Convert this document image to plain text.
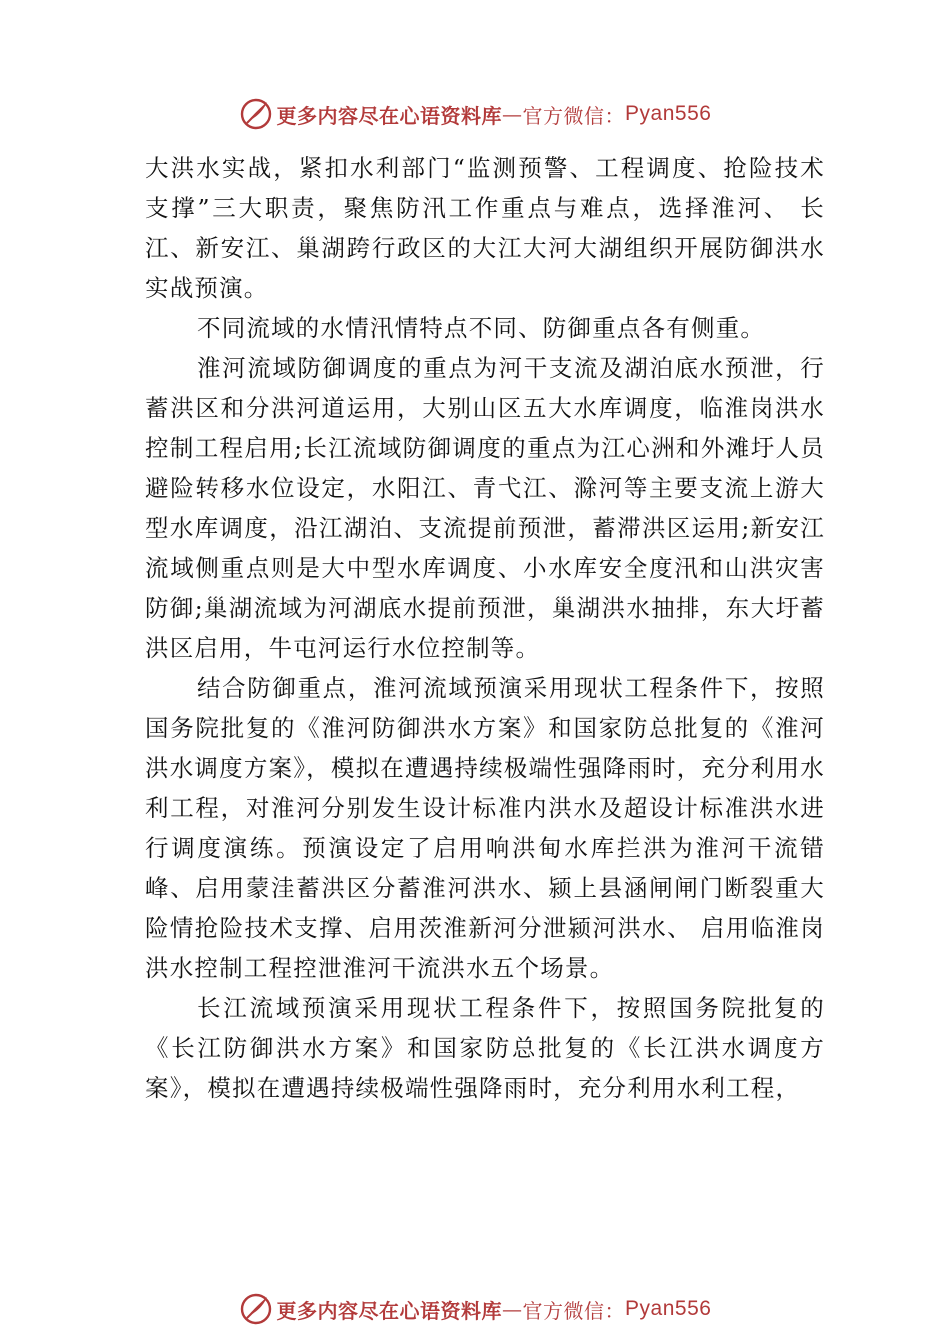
更多内容尽在心语资料库 — 官方微信： Pyan556

大洪水实战，紧扣水利部门“监测预警、工程调度、抢险技术支撑”三大职责，聚焦防汛工作重点与难点，选择淮河、 长江、新安江、巢湖跨行政区的大江大河大湖组织开展防御洪水实战预演。

不同流域的水情汛情特点不同、防御重点各有侧重。

淮河流域防御调度的重点为河干支流及湖泊底水预泄，行蓄洪区和分洪河道运用，大别山区五大水库调度，临淮岗洪水控制工程启用;长江流域防御调度的重点为江心洲和外滩圩人员避险转移水位设定，水阳江、青弋江、滁河等主要支流上游大型水库调度，沿江湖泊、支流提前预泄，蓄滞洪区运用;新安江流域侧重点则是大中型水库调度、小水库安全度汛和山洪灾害防御;巢湖流域为河湖底水提前预泄，巢湖洪水抽排，东大圩蓄洪区启用，牛屯河运行水位控制等。

结合防御重点，淮河流域预演采用现状工程条件下，按照国务院批复的《淮河防御洪水方案》和国家防总批复的《淮河洪水调度方案》，模拟在遭遇持续极端性强降雨时，充分利用水利工程，对淮河分别发生设计标准内洪水及超设计标准洪水进行调度演练。预演设定了启用响洪甸水库拦洪为淮河干流错峰、启用蒙洼蓄洪区分蓄淮河洪水、颍上县涵闸闸门断裂重大险情抢险技术支撑、启用茨淮新河分泄颍河洪水、 启用临淮岗洪水控制工程控泄淮河干流洪水五个场景。

长江流域预演采用现状工程条件下，按照国务院批复的《长江防御洪水方案》和国家防总批复的《长江洪水调度方案》，模拟在遭遇持续极端性强降雨时，充分利用水利工程，

更多内容尽在心语资料库 — 官方微信： Pyan556
